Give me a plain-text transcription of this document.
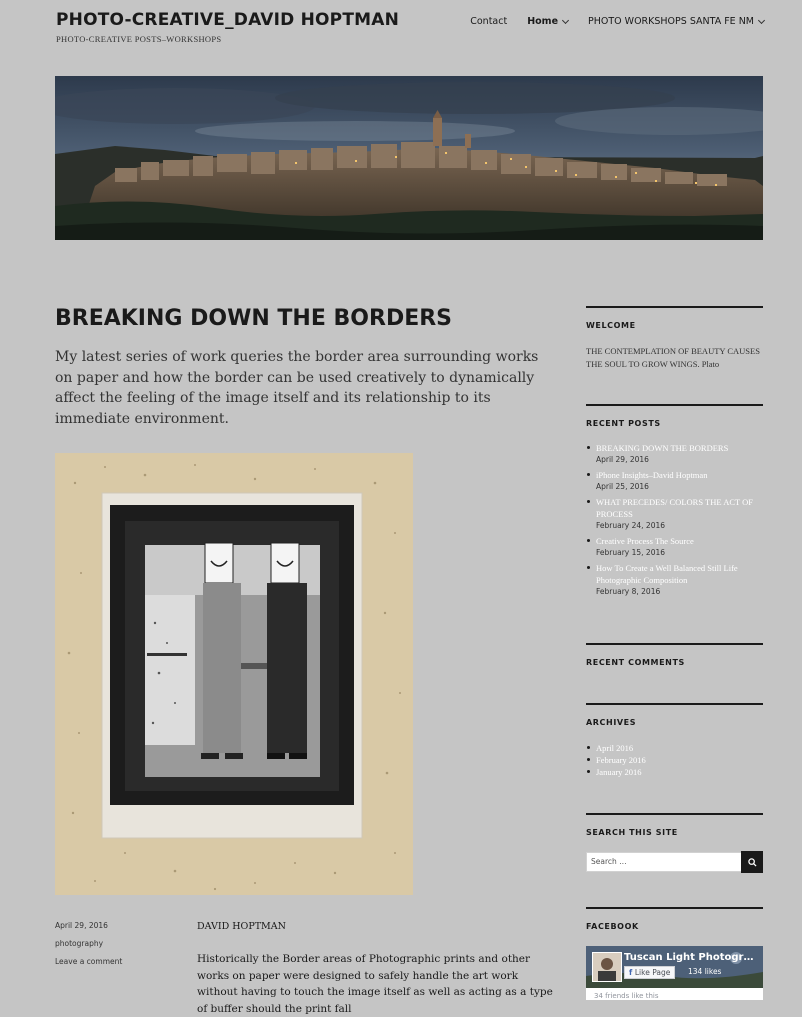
PHOTO-CREATIVE_DAVID HOPTMAN
PHOTO-CREATIVE POSTS–WORKSHOPS
Contact Home	PHOTO WORKSHOPS SANTA FE NM
BREAKING DOWN THE BORDERS

My latest series of work queries the border area surrounding works on paper and how the border can be used creatively to dynamically affect the feeling of the image itself and its relationship to its immediate environment.

April 29, 2016
photography
Leave a comment
DAVID HOPTMAN

Historically the Border areas of Photographic prints and other works on paper were designed to safely handle the art work without having to touch the image itself as well as acting as a type of buffer should the print fall

WELCOME
THE CONTEMPLATION OF BEAUTY CAUSES THE SOUL TO GROW WINGS. Plato
RECENT POSTS
BREAKING DOWN THE BORDERS
April 29, 2016
iPhone Insights–David Hoptman
April 25, 2016
WHAT PRECEDES/ COLORS THE ACT OF PROCESS
February 24, 2016
Creative Process The Source
February 15, 2016
How To Create a Well Balanced Still Life Photographic Composition
February 8, 2016
RECENT COMMENTS
ARCHIVES
April 2016
February 2016
January 2016
SEARCH THIS SITE
Search …
FACEBOOK
Tuscan Light Photogr…
f Like Page	134 likes
34 friends like this
